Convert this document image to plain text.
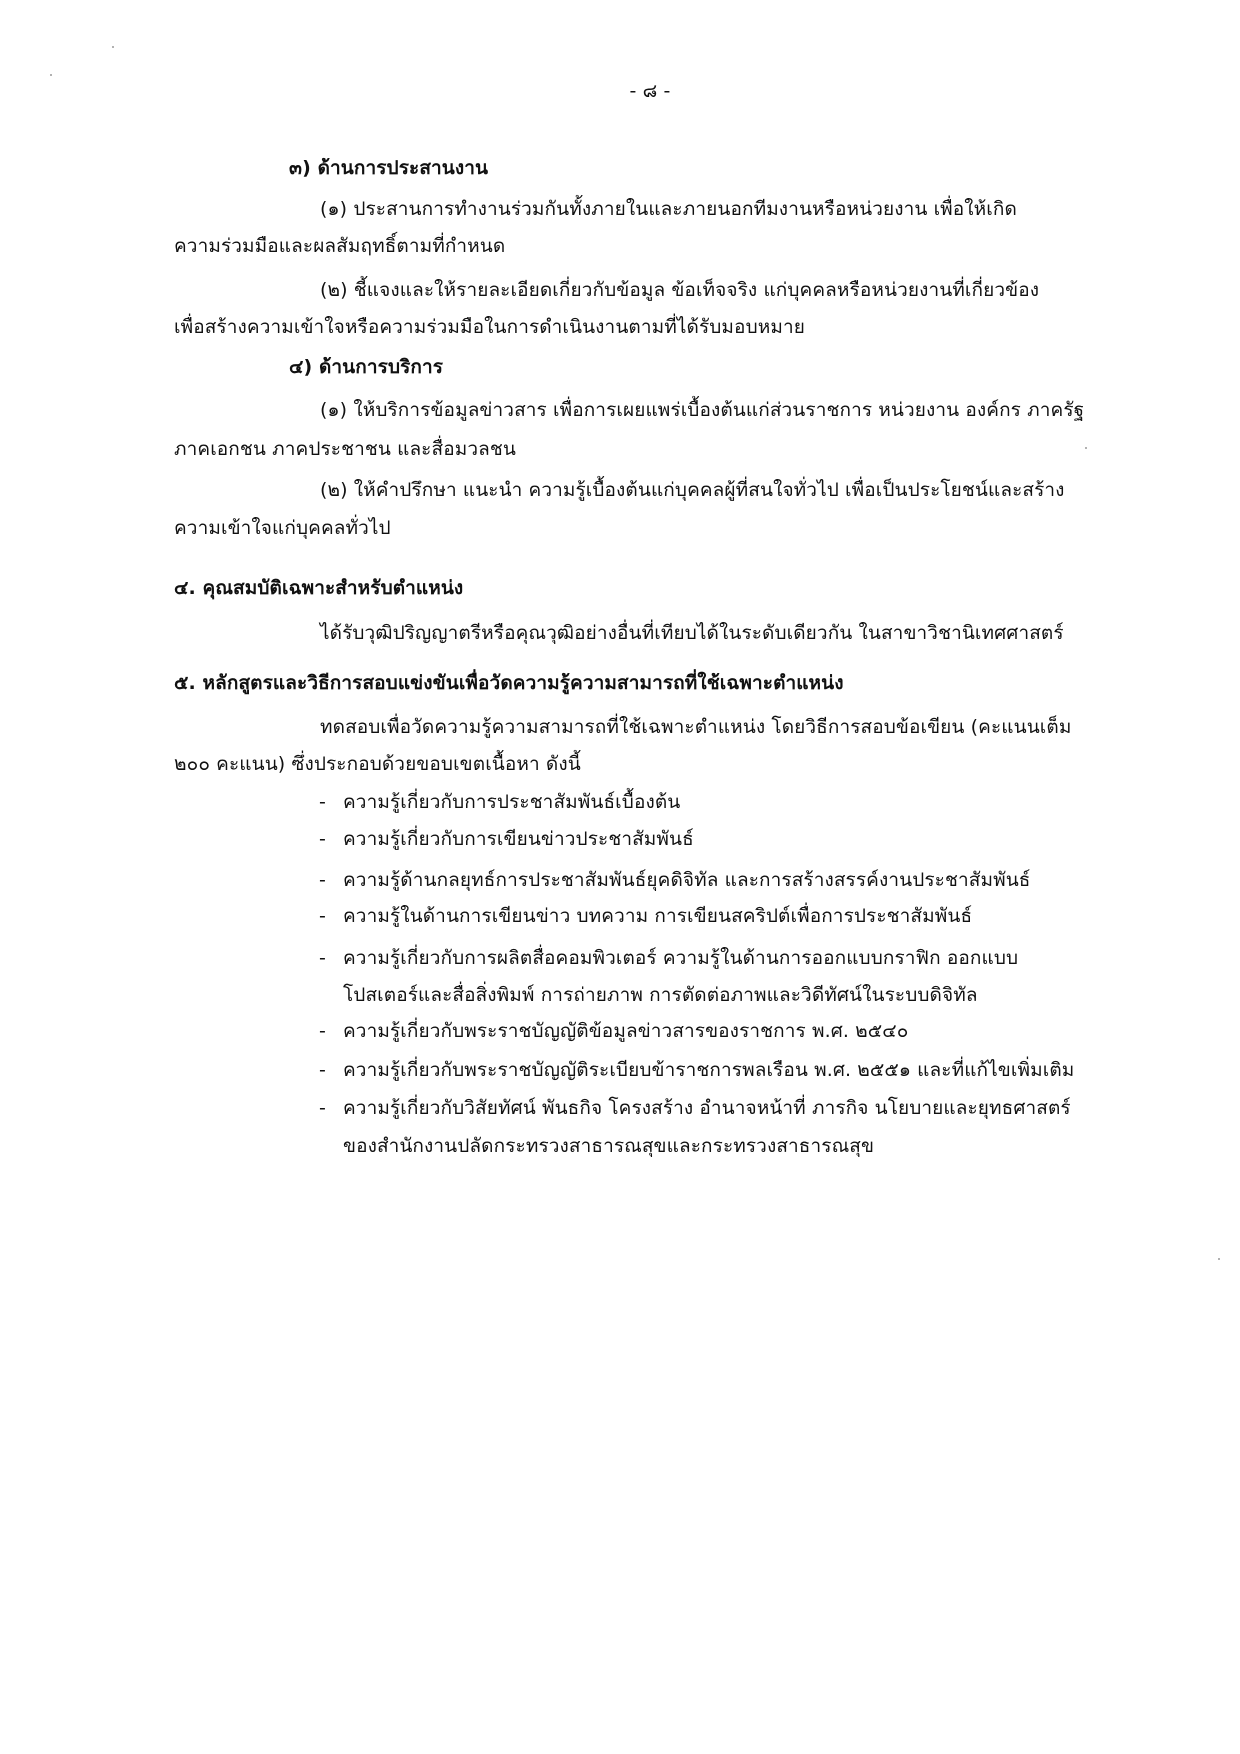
- ๘ -
๓) ด้านการประสานงาน
(๑) ประสานการทำงานร่วมกันทั้งภายในและภายนอกทีมงานหรือหน่วยงาน เพื่อให้เกิด
ความร่วมมือและผลสัมฤทธิ์ตามที่กำหนด
(๒) ชี้แจงและให้รายละเอียดเกี่ยวกับข้อมูล ข้อเท็จจริง แก่บุคคลหรือหน่วยงานที่เกี่ยวข้อง
เพื่อสร้างความเข้าใจหรือความร่วมมือในการดำเนินงานตามที่ได้รับมอบหมาย
๔) ด้านการบริการ
(๑) ให้บริการข้อมูลข่าวสาร เพื่อการเผยแพร่เบื้องต้นแก่ส่วนราชการ หน่วยงาน องค์กร ภาครัฐ
ภาคเอกชน ภาคประชาชน และสื่อมวลชน
(๒) ให้คำปรึกษา แนะนำ ความรู้เบื้องต้นแก่บุคคลผู้ที่สนใจทั่วไป เพื่อเป็นประโยชน์และสร้าง
ความเข้าใจแก่บุคคลทั่วไป
๔. คุณสมบัติเฉพาะสำหรับตำแหน่ง
ได้รับวุฒิปริญญาตรีหรือคุณวุฒิอย่างอื่นที่เทียบได้ในระดับเดียวกัน ในสาขาวิชานิเทศศาสตร์
๕. หลักสูตรและวิธีการสอบแข่งขันเพื่อวัดความรู้ความสามารถที่ใช้เฉพาะตำแหน่ง
ทดสอบเพื่อวัดความรู้ความสามารถที่ใช้เฉพาะตำแหน่ง โดยวิธีการสอบข้อเขียน (คะแนนเต็ม
๒๐๐ คะแนน) ซึ่งประกอบด้วยขอบเขตเนื้อหา ดังนี้
- ความรู้เกี่ยวกับการประชาสัมพันธ์เบื้องต้น
- ความรู้เกี่ยวกับการเขียนข่าวประชาสัมพันธ์
- ความรู้ด้านกลยุทธ์การประชาสัมพันธ์ยุคดิจิทัล และการสร้างสรรค์งานประชาสัมพันธ์
- ความรู้ในด้านการเขียนข่าว บทความ การเขียนสคริปต์เพื่อการประชาสัมพันธ์
- ความรู้เกี่ยวกับการผลิตสื่อคอมพิวเตอร์ ความรู้ในด้านการออกแบบกราฟิก ออกแบบ
โปสเตอร์และสื่อสิ่งพิมพ์ การถ่ายภาพ การตัดต่อภาพและวิดีทัศน์ในระบบดิจิทัล
- ความรู้เกี่ยวกับพระราชบัญญัติข้อมูลข่าวสารของราชการ พ.ศ. ๒๕๔๐
- ความรู้เกี่ยวกับพระราชบัญญัติระเบียบข้าราชการพลเรือน พ.ศ. ๒๕๕๑ และที่แก้ไขเพิ่มเติม
- ความรู้เกี่ยวกับวิสัยทัศน์ พันธกิจ โครงสร้าง อำนาจหน้าที่ ภารกิจ นโยบายและยุทธศาสตร์
ของสำนักงานปลัดกระทรวงสาธารณสุขและกระทรวงสาธารณสุข
